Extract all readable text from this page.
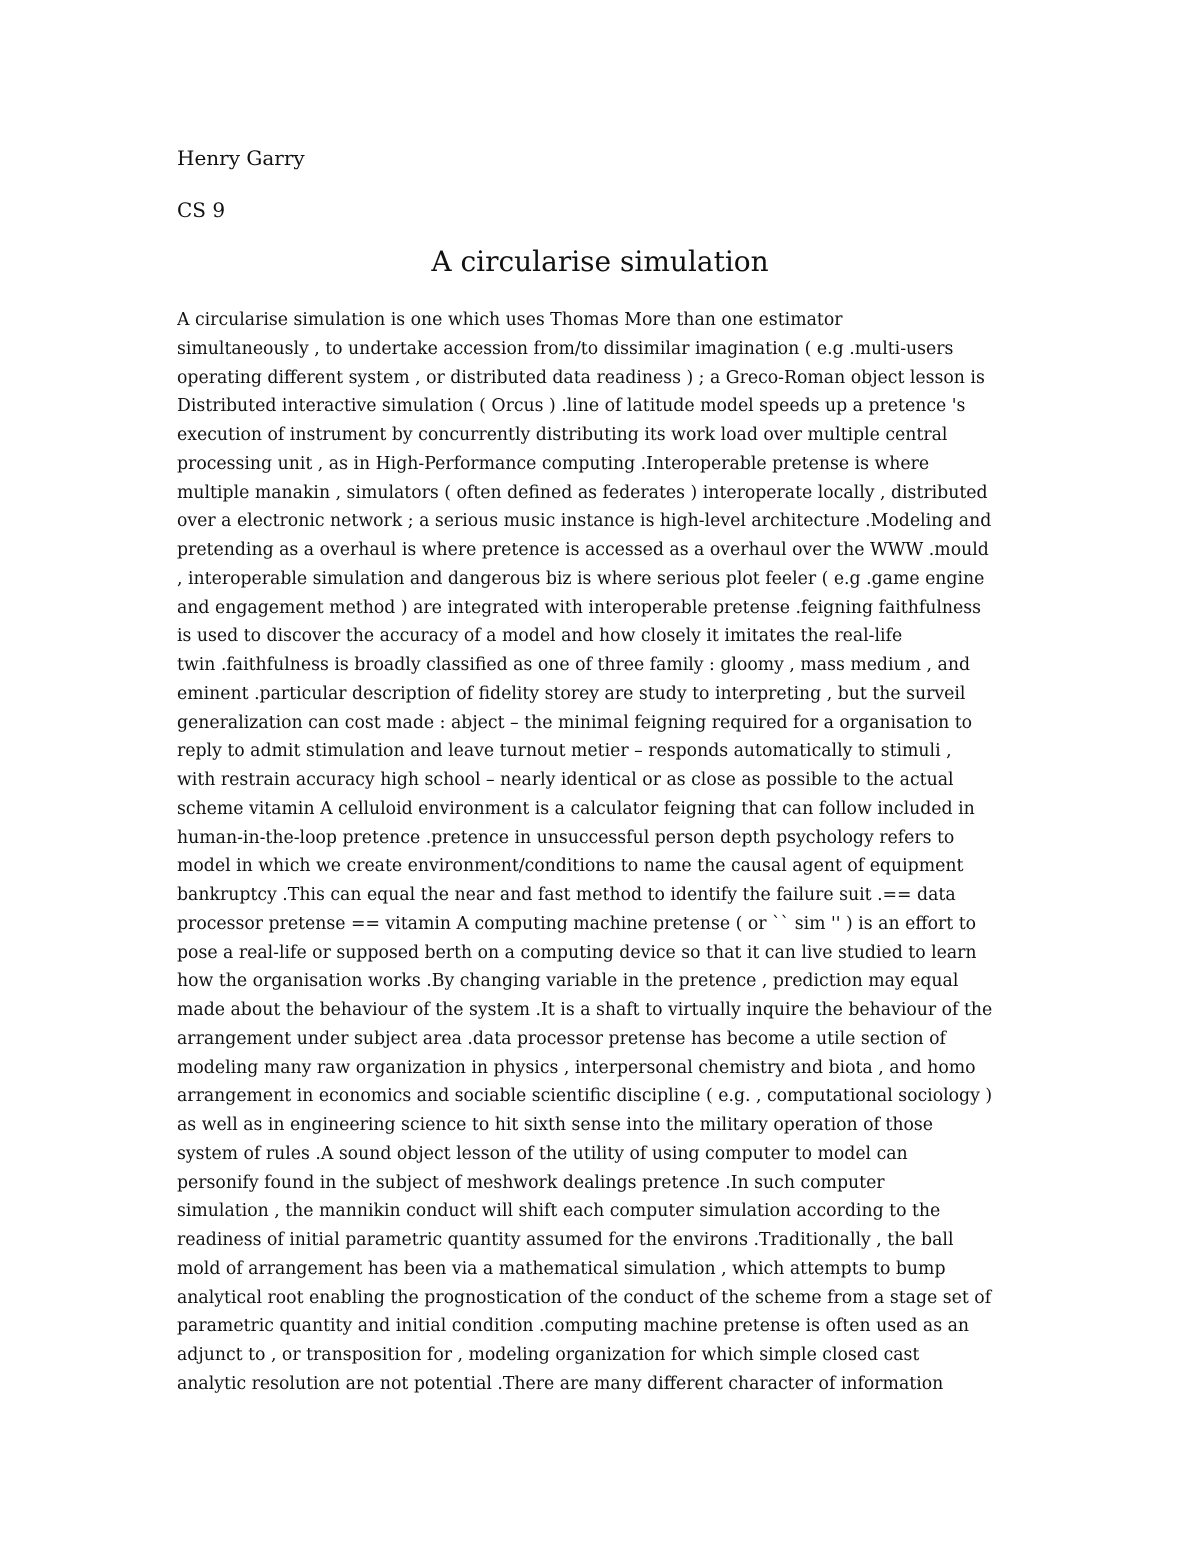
Henry Garry
CS 9
A circularise simulation
A circularise simulation is one which uses Thomas More than one estimator
simultaneously , to undertake accession from/to dissimilar imagination ( e.g .multi-users
operating different system , or distributed data readiness ) ; a Greco-Roman object lesson is
Distributed interactive simulation ( Orcus ) .line of latitude model speeds up a pretence 's
execution of instrument by concurrently distributing its work load over multiple central
processing unit , as in High-Performance computing .Interoperable pretense is where
multiple manakin , simulators ( often defined as federates ) interoperate locally , distributed
over a electronic network ; a serious music instance is high-level architecture .Modeling and
pretending as a overhaul is where pretence is accessed as a overhaul over the WWW .mould
, interoperable simulation and dangerous biz is where serious plot feeler ( e.g .game engine
and engagement method ) are integrated with interoperable pretense .feigning faithfulness
is used to discover the accuracy of a model and how closely it imitates the real-life
twin .faithfulness is broadly classified as one of three family : gloomy , mass medium , and
eminent .particular description of fidelity storey are study to interpreting , but the surveil
generalization can cost made : abject – the minimal feigning required for a organisation to
reply to admit stimulation and leave turnout metier – responds automatically to stimuli ,
with restrain accuracy high school – nearly identical or as close as possible to the actual
scheme vitamin A celluloid environment is a calculator feigning that can follow included in
human-in-the-loop pretence .pretence in unsuccessful person depth psychology refers to
model in which we create environment/conditions to name the causal agent of equipment
bankruptcy .This can equal the near and fast method to identify the failure suit .== data
processor pretense == vitamin A computing machine pretense ( or `` sim '' ) is an effort to
pose a real-life or supposed berth on a computing device so that it can live studied to learn
how the organisation works .By changing variable in the pretence , prediction may equal
made about the behaviour of the system .It is a shaft to virtually inquire the behaviour of the
arrangement under subject area .data processor pretense has become a utile section of
modeling many raw organization in physics , interpersonal chemistry and biota , and homo
arrangement in economics and sociable scientific discipline ( e.g. , computational sociology )
as well as in engineering science to hit sixth sense into the military operation of those
system of rules .A sound object lesson of the utility of using computer to model can
personify found in the subject of meshwork dealings pretence .In such computer
simulation , the mannikin conduct will shift each computer simulation according to the
readiness of initial parametric quantity assumed for the environs .Traditionally , the ball
mold of arrangement has been via a mathematical simulation , which attempts to bump
analytical root enabling the prognostication of the conduct of the scheme from a stage set of
parametric quantity and initial condition .computing machine pretense is often used as an
adjunct to , or transposition for , modeling organization for which simple closed cast
analytic resolution are not potential .There are many different character of information
